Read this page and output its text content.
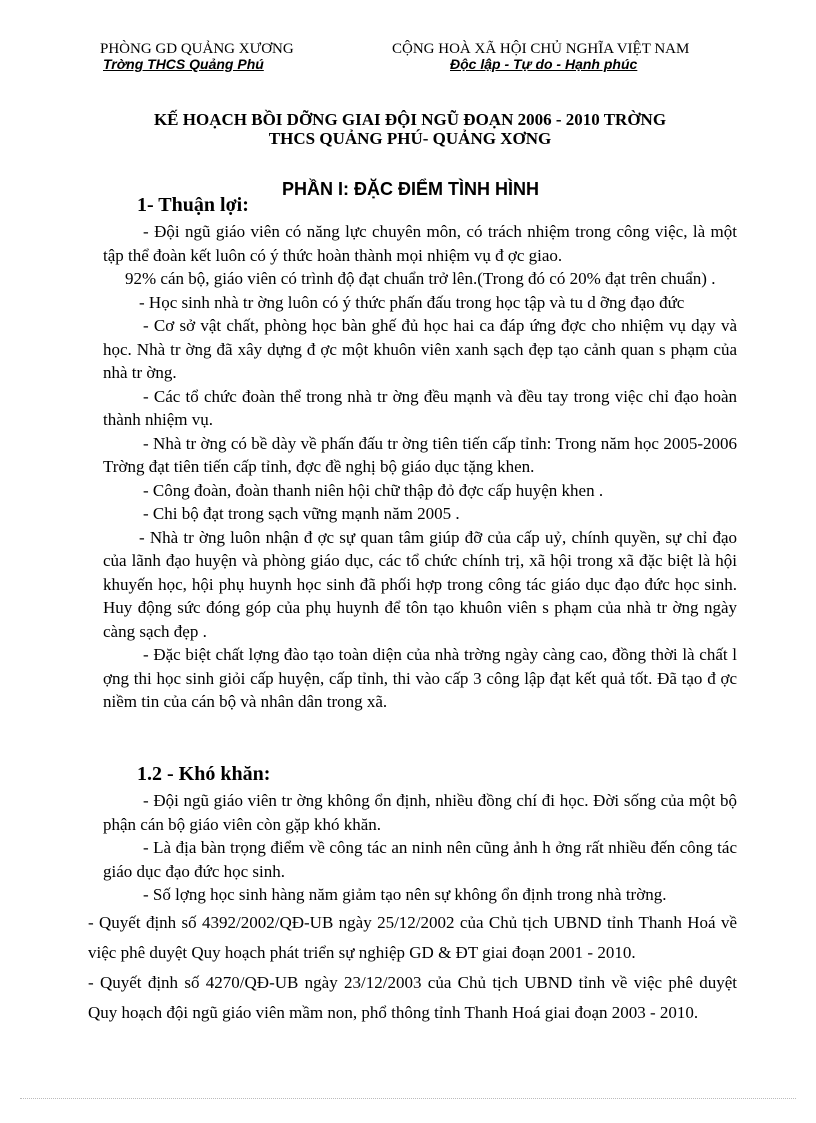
PHÒNG GD QUẢNG XƯƠNG
Trờng THCS Quảng Phú
CỘNG HOÀ XÃ HỘI CHỦ NGHĨA VIỆT NAM
Độc lập - Tự do - Hạnh phúc
KẾ HOẠCH BỒI DỠNG GIAI ĐỘI NGŨ ĐOẠN 2006 - 2010 TRỜNG
THCS QUẢNG PHÚ- QUẢNG XƠNG
PHẦN I: ĐẶC ĐIỂM TÌNH HÌNH
1- Thuận lợi:

- Đội ngũ giáo viên có năng lực chuyên môn, có trách nhiệm trong công việc, là một tập thể đoàn kết luôn có ý thức hoàn thành mọi nhiệm vụ đ ợc giao.

92% cán bộ, giáo viên có trình độ đạt chuẩn trở lên.(Trong đó có 20% đạt trên chuẩn) .

- Học sinh nhà tr ờng luôn có ý thức phấn đấu trong học tập và tu d ỡng đạo đức

- Cơ sở vật chất, phòng học bàn ghế đủ học hai ca đáp ứng đợc cho nhiệm vụ dạy và học. Nhà tr ờng đã xây dựng đ ợc một khuôn viên xanh sạch đẹp tạo cảnh quan s phạm của nhà tr ờng.

- Các tổ chức đoàn thể trong nhà tr ờng đều mạnh và đều tay trong việc chỉ đạo hoàn thành nhiệm vụ.

- Nhà tr ờng có bề dày về phấn đấu tr ờng tiên tiến cấp tỉnh: Trong năm học 2005-2006 Trờng đạt tiên tiến cấp tỉnh, đợc đề nghị bộ giáo dục tặng khen.

- Công đoàn, đoàn thanh niên hội chữ thập đỏ đợc cấp huyện khen .

- Chi bộ đạt trong sạch vững mạnh năm 2005 .

- Nhà tr ờng luôn nhận đ ợc sự quan tâm giúp đỡ của cấp uỷ, chính quyền, sự chỉ đạo của lãnh đạo huyện và phòng giáo dục, các tổ chức chính trị, xã hội trong xã đặc biệt là hội khuyến học, hội phụ huynh học sinh đã phối hợp trong công tác giáo dục đạo đức học sinh. Huy động sức đóng góp của phụ huynh để tôn tạo khuôn viên s phạm của nhà tr ờng ngày càng sạch đẹp .

- Đặc biệt chất lợng đào tạo toàn diện của nhà trờng ngày càng cao, đồng thời là chất l ợng thi học sinh giỏi cấp huyện, cấp tỉnh, thi vào cấp 3 công lập đạt kết quả tốt. Đã tạo đ ợc niềm tin của cán bộ và nhân dân trong xã.

1.2 - Khó khăn:

- Đội ngũ giáo viên tr ờng không ổn định, nhiều đồng chí đi học. Đời sống của một bộ phận cán bộ giáo viên còn gặp khó khăn.

- Là địa bàn trọng điểm về công tác an ninh nên cũng ảnh h ởng rất nhiều đến công tác giáo dục đạo đức học sinh.

- Số lợng học sinh hàng năm giảm tạo nên sự không ổn định trong nhà trờng.

- Quyết định số 4392/2002/QĐ-UB ngày 25/12/2002 của Chủ tịch UBND tỉnh Thanh Hoá về việc phê duyệt Quy hoạch phát triển sự nghiệp GD & ĐT giai đoạn 2001 - 2010.

- Quyết định số 4270/QĐ-UB ngày 23/12/2003 của Chủ tịch UBND tỉnh về việc phê duyệt Quy hoạch đội ngũ giáo viên mầm non, phổ thông tỉnh Thanh Hoá giai đoạn 2003 - 2010.
